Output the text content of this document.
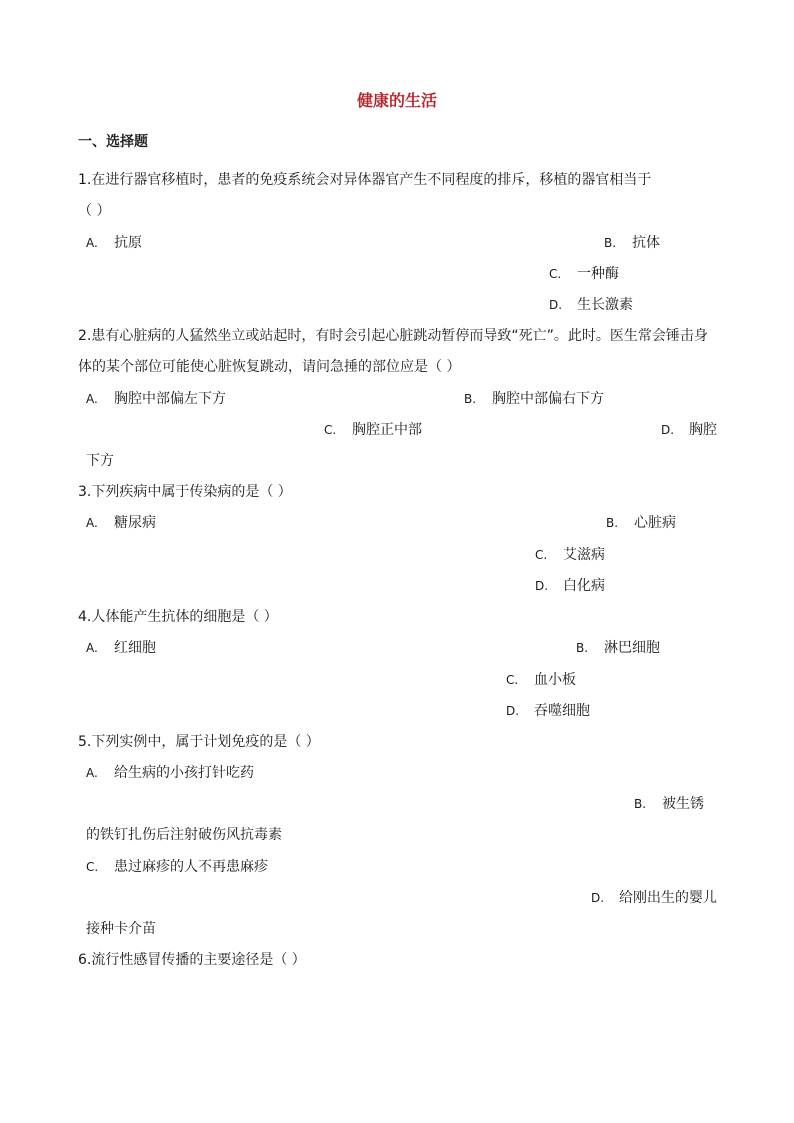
健康的生活
一、选择题
1.在进行器官移植时，患者的免疫系统会对异体器官产生不同程度的排斥，移植的器官相当于
（ ）
A. 抗原	B. 抗体
C. 一种酶
D. 生长激素
2.患有心脏病的人猛然坐立或站起时，有时会引起心脏跳动暂停而导致“死亡”。此时。医生常会锤击身
体的某个部位可能使心脏恢复跳动，请问急捶的部位应是（ ）
A. 胸腔中部偏左下方	B. 胸腔中部偏右下方
C. 胸腔正中部	D. 胸腔
下方
3.下列疾病中属于传染病的是（ ）
A. 糖尿病	B. 心脏病
C. 艾滋病
D. 白化病
4.人体能产生抗体的细胞是（ ）
A. 红细胞	B. 淋巴细胞
C. 血小板
D. 吞噬细胞
5.下列实例中，属于计划免疫的是（ ）
A. 给生病的小孩打针吃药
B. 被生锈
的铁钉扎伤后注射破伤风抗毒素
C. 患过麻疹的人不再患麻疹
D. 给刚出生的婴儿
接种卡介苗
6.流行性感冒传播的主要途径是（ ）
